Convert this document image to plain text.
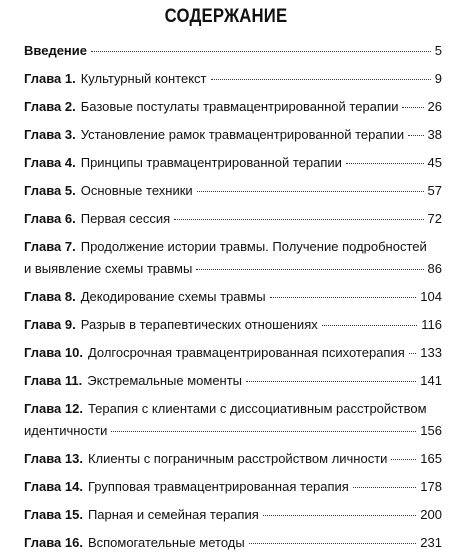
СОДЕРЖАНИЕ
Введение	5
Глава 1. Культурный контекст	9
Глава 2. Базовые постулаты травмацентрированной терапии 26
Глава 3. Установление рамок травмацентрированной терапии 38
Глава 4. Принципы травмацентрированной терапии	45
Глава 5. Основные техники	57
Глава 6. Первая сессия	72
Глава 7. Продолжение истории травмы. Получение подробностей
и выявление схемы травмы	86
Глава 8. Декодирование схемы травмы	104
Глава 9. Разрыв в терапевтических отношениях	116
Глава 10. Долгосрочная травмацентрированная психотерапия 133
Глава 11. Экстремальные моменты	141
Глава 12. Терапия с клиентами с диссоциативным расстройством
идентичности	156
Глава 13. Клиенты с пограничным расстройством личности	165
Глава 14. Групповая травмацентрированная терапия	178
Глава 15. Парная и семейная терапия	200
Глава 16. Вспомогательные методы	231
